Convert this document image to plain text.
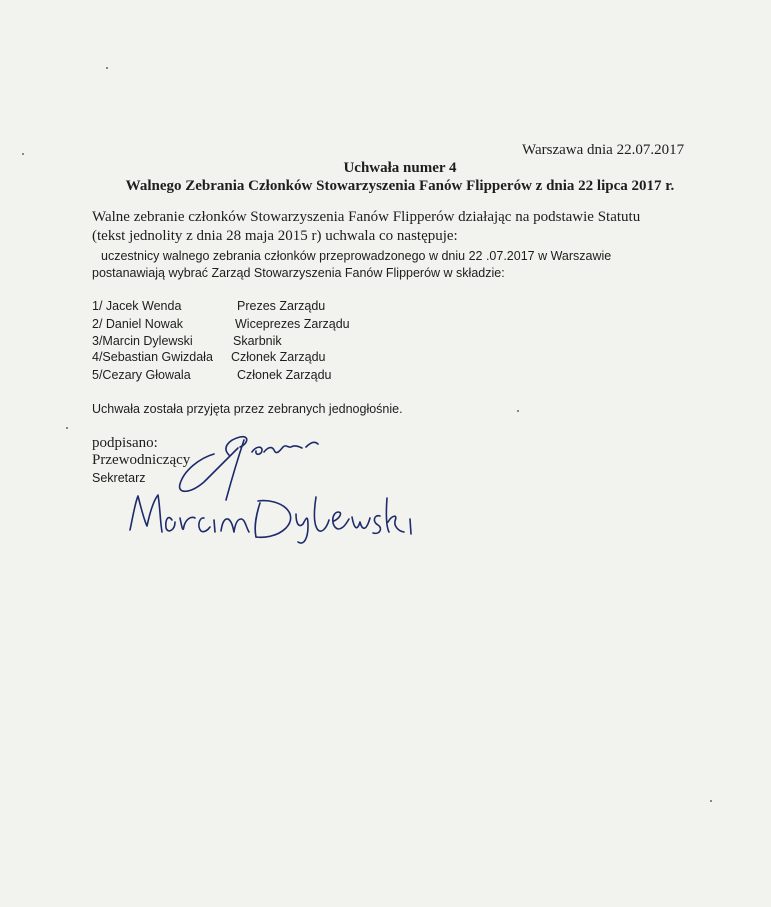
Warszawa dnia 22.07.2017
Uchwała numer 4
Walnego Zebrania Członków Stowarzyszenia Fanów Flipperów z dnia 22 lipca 2017 r.
Walne zebranie członków Stowarzyszenia Fanów Flipperów działając na podstawie Statutu
(tekst jednolity z dnia 28 maja 2015 r) uchwala co następuje:
uczestnicy walnego zebrania członków przeprowadzonego w dniu 22 .07.2017 w Warszawie
postanawiają wybrać Zarząd Stowarzyszenia Fanów Flipperów w składzie:
1/ Jacek Wenda	Prezes Zarządu
2/ Daniel Nowak	Wiceprezes Zarządu
3/Marcin Dylewski	Skarbnik
4/Sebastian Gwizdała Członek Zarządu
5/Cezary Głowala	Członek Zarządu
Uchwała została przyjęta przez zebranych jednogłośnie.
podpisano:
Przewodniczący
Sekretarz
